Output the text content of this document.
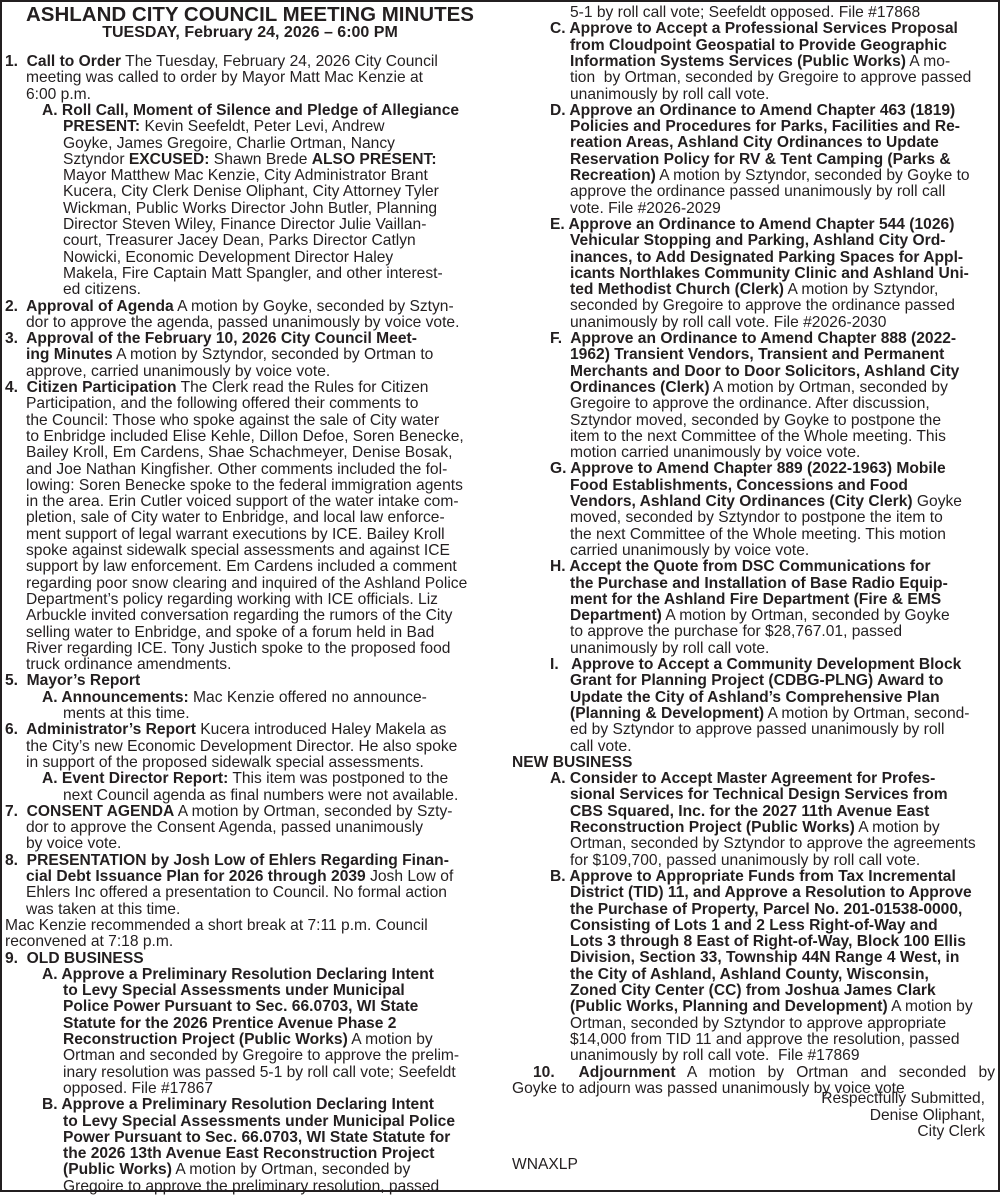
ASHLAND CITY COUNCIL MEETING MINUTES
TUESDAY, February 24, 2026 – 6:00 PM
1.  Call to Order The Tuesday, February 24, 2026 City Council
meeting was called to order by Mayor Matt Mac Kenzie at
6:00 p.m.
A. Roll Call, Moment of Silence and Pledge of Allegiance
PRESENT: Kevin Seefeldt, Peter Levi, Andrew
Goyke, James Gregoire, Charlie Ortman, Nancy
Sztyndor EXCUSED: Shawn Brede ALSO PRESENT:
Mayor Matthew Mac Kenzie, City Administrator Brant
Kucera, City Clerk Denise Oliphant, City Attorney Tyler
Wickman, Public Works Director John Butler, Planning
Director Steven Wiley, Finance Director Julie Vaillan-
court, Treasurer Jacey Dean, Parks Director Catlyn
Nowicki, Economic Development Director Haley
Makela, Fire Captain Matt Spangler, and other interest-
ed citizens.
2.  Approval of Agenda A motion by Goyke, seconded by Sztyn-
dor to approve the agenda, passed unanimously by voice vote.
3.  Approval of the February 10, 2026 City Council Meet-
ing Minutes A motion by Sztyndor, seconded by Ortman to
approve, carried unanimously by voice vote.
4.  Citizen Participation The Clerk read the Rules for Citizen
Participation, and the following offered their comments to
the Council: Those who spoke against the sale of City water
to Enbridge included Elise Kehle, Dillon Defoe, Soren Benecke,
Bailey Kroll, Em Cardens, Shae Schachmeyer, Denise Bosak,
and Joe Nathan Kingfisher. Other comments included the fol-
lowing: Soren Benecke spoke to the federal immigration agents
in the area. Erin Cutler voiced support of the water intake com-
pletion, sale of City water to Enbridge, and local law enforce-
ment support of legal warrant executions by ICE. Bailey Kroll
spoke against sidewalk special assessments and against ICE
support by law enforcement. Em Cardens included a comment
regarding poor snow clearing and inquired of the Ashland Police
Department’s policy regarding working with ICE officials. Liz
Arbuckle invited conversation regarding the rumors of the City
selling water to Enbridge, and spoke of a forum held in Bad
River regarding ICE. Tony Justich spoke to the proposed food
truck ordinance amendments.
5.  Mayor’s Report
A. Announcements: Mac Kenzie offered no announce-
ments at this time.
6.  Administrator’s Report Kucera introduced Haley Makela as
the City’s new Economic Development Director. He also spoke
in support of the proposed sidewalk special assessments.
A. Event Director Report: This item was postponed to the
next Council agenda as final numbers were not available.
7.  CONSENT AGENDA A motion by Ortman, seconded by Szty-
dor to approve the Consent Agenda, passed unanimously
by voice vote.
8.  PRESENTATION by Josh Low of Ehlers Regarding Finan-
cial Debt Issuance Plan for 2026 through 2039 Josh Low of
Ehlers Inc offered a presentation to Council. No formal action
was taken at this time.
Mac Kenzie recommended a short break at 7:11 p.m. Council
reconvened at 7:18 p.m.
9.  OLD BUSINESS
A. Approve a Preliminary Resolution Declaring Intent
to Levy Special Assessments under Municipal
Police Power Pursuant to Sec. 66.0703, WI State
Statute for the 2026 Prentice Avenue Phase 2
Reconstruction Project (Public Works) A motion by
Ortman and seconded by Gregoire to approve the prelim-
inary resolution was passed 5-1 by roll call vote; Seefeldt
opposed. File #17867
B. Approve a Preliminary Resolution Declaring Intent
to Levy Special Assessments under Municipal Police
Power Pursuant to Sec. 66.0703, WI State Statute for
the 2026 13th Avenue East Reconstruction Project
(Public Works) A motion by Ortman, seconded by
Gregoire to approve the preliminary resolution, passed
5-1 by roll call vote; Seefeldt opposed. File #17868
C. Approve to Accept a Professional Services Proposal
from Cloudpoint Geospatial to Provide Geographic
Information Systems Services (Public Works) A mo-
tion  by Ortman, seconded by Gregoire to approve passed
unanimously by roll call vote.
D. Approve an Ordinance to Amend Chapter 463 (1819)
Policies and Procedures for Parks, Facilities and Re-
reation Areas, Ashland City Ordinances to Update
Reservation Policy for RV & Tent Camping (Parks &
Recreation) A motion by Sztyndor, seconded by Goyke to
approve the ordinance passed unanimously by roll call
vote. File #2026-2029
E. Approve an Ordinance to Amend Chapter 544 (1026)
Vehicular Stopping and Parking, Ashland City Ord-
inances, to Add Designated Parking Spaces for Appl-
icants Northlakes Community Clinic and Ashland Uni-
ted Methodist Church (Clerk) A motion by Sztyndor,
seconded by Gregoire to approve the ordinance passed
unanimously by roll call vote. File #2026-2030
F.  Approve an Ordinance to Amend Chapter 888 (2022-
1962) Transient Vendors, Transient and Permanent
Merchants and Door to Door Solicitors, Ashland City
Ordinances (Clerk) A motion by Ortman, seconded by
Gregoire to approve the ordinance. After discussion,
Sztyndor moved, seconded by Goyke to postpone the
item to the next Committee of the Whole meeting. This
motion carried unanimously by voice vote.
G. Approve to Amend Chapter 889 (2022-1963) Mobile
Food Establishments, Concessions and Food
Vendors, Ashland City Ordinances (City Clerk) Goyke
moved, seconded by Sztyndor to postpone the item to
the next Committee of the Whole meeting. This motion
carried unanimously by voice vote.
H. Accept the Quote from DSC Communications for
the Purchase and Installation of Base Radio Equip-
ment for the Ashland Fire Department (Fire & EMS
Department) A motion by Ortman, seconded by Goyke
to approve the purchase for $28,767.01, passed
unanimously by roll call vote.
I.   Approve to Accept a Community Development Block
Grant for Planning Project (CDBG-PLNG) Award to
Update the City of Ashland’s Comprehensive Plan
(Planning & Development) A motion by Ortman, second-
ed by Sztyndor to approve passed unanimously by roll
call vote.
NEW BUSINESS
A. Consider to Accept Master Agreement for Profes-
sional Services for Technical Design Services from
CBS Squared, Inc. for the 2027 11th Avenue East
Reconstruction Project (Public Works) A motion by
Ortman, seconded by Sztyndor to approve the agreements
for $109,700, passed unanimously by roll call vote.
B. Approve to Appropriate Funds from Tax Incremental
District (TID) 11, and Approve a Resolution to Approve
the Purchase of Property, Parcel No. 201-01538-0000,
Consisting of Lots 1 and 2 Less Right-of-Way and
Lots 3 through 8 East of Right-of-Way, Block 100 Ellis
Division, Section 33, Township 44N Range 4 West, in
the City of Ashland, Ashland County, Wisconsin,
Zoned City Center (CC) from Joshua James Clark
(Public Works, Planning and Development) A motion by
Ortman, seconded by Sztyndor to approve appropriate
$14,000 from TID 11 and approve the resolution, passed
unanimously by roll call vote.  File #17869
10.  Adjournment A motion by Ortman and seconded by
Goyke to adjourn was passed unanimously by voice vote
Respectfully Submitted,
Denise Oliphant,
City Clerk
WNAXLP
